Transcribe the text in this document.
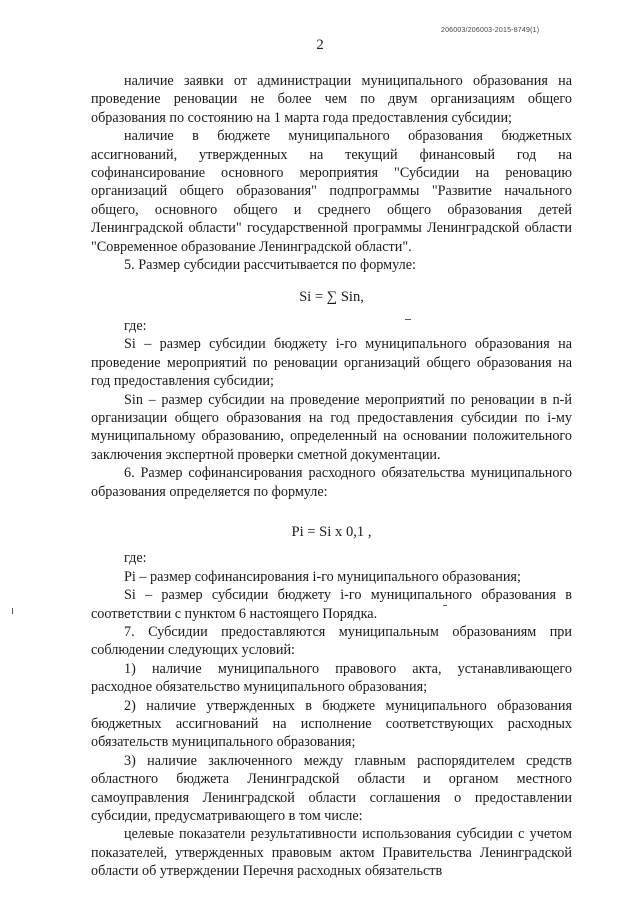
206003/206003-2015-8749(1)
2

наличие заявки от администрации муниципального образования на проведение реновации не более чем по двум организациям общего образования по состоянию на 1 марта года предоставления субсидии;

наличие в бюджете муниципального образования бюджетных ассигнований, утвержденных на текущий финансовый год на софинансирование основного мероприятия "Субсидии на реновацию организаций общего образования" подпрограммы "Развитие начального общего, основного общего и среднего общего образования детей Ленинградской области" государственной программы Ленинградской области "Современное образование Ленинградской области".

5. Размер субсидии рассчитывается по формуле:

Si = ∑ Sin,

где:

Si – размер субсидии бюджету i-го муниципального образования на проведение мероприятий по реновации организаций общего образования на год предоставления субсидии;

Sin – размер субсидии на проведение мероприятий по реновации в n-й организации общего образования на год предоставления субсидии по i-му муниципальному образованию, определенный на основании положительного заключения экспертной проверки сметной документации.

6. Размер софинансирования расходного обязательства муниципального образования определяется по формуле:

Pi = Si x 0,1 ,

где:

Pi – размер софинансирования i-го муниципального образования;

Si – размер субсидии бюджету i-го муниципального образования в соответствии с пунктом 6 настоящего Порядка.

7. Субсидии предоставляются муниципальным образованиям при соблюдении следующих условий:

1) наличие муниципального правового акта, устанавливающего расходное обязательство муниципального образования;

2) наличие утвержденных в бюджете муниципального образования бюджетных ассигнований на исполнение соответствующих расходных обязательств муниципального образования;

3) наличие заключенного между главным распорядителем средств областного бюджета Ленинградской области и органом местного самоуправления Ленинградской области соглашения о предоставлении субсидии, предусматривающего в том числе:

целевые показатели результативности использования субсидии с учетом показателей, утвержденных правовым актом Правительства Ленинградской области об утверждении Перечня расходных обязательств
